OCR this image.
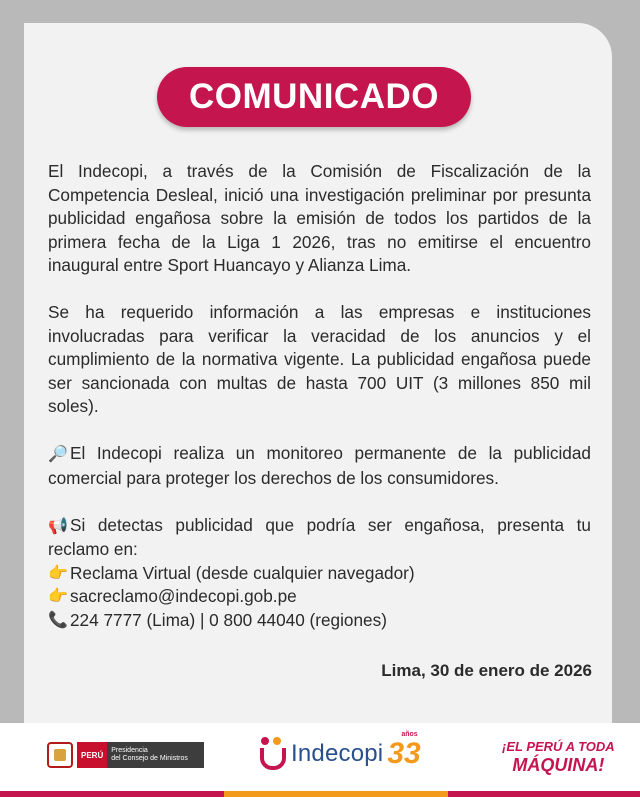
COMUNICADO

El Indecopi, a través de la Comisión de Fiscalización de la Competencia Desleal, inició una investigación preliminar por presunta publicidad engañosa sobre la emisión de todos los partidos de la primera fecha de la Liga 1 2026, tras no emitirse el encuentro inaugural entre Sport Huancayo y Alianza Lima.

Se ha requerido información a las empresas e instituciones involucradas para verificar la veracidad de los anuncios y el cumplimiento de la normativa vigente. La publicidad engañosa puede ser sancionada con multas de hasta 700 UIT (3 millones 850 mil soles).

🔎 El Indecopi realiza un monitoreo permanente de la publicidad comercial para proteger los derechos de los consumidores.

📢 Si detectas publicidad que podría ser engañosa, presenta tu reclamo en:

👉 Reclama Virtual (desde cualquier navegador)
👉 sacreclamo@indecopi.gob.pe
📞 224 7777 (Lima) | 0 800 44040 (regiones)
Lima, 30 de enero de 2026
PERÚ	Presidencia
del Consejo de Ministros	Indecopi
años
33	¡EL PERÚ A TODA
MÁQUINA!
